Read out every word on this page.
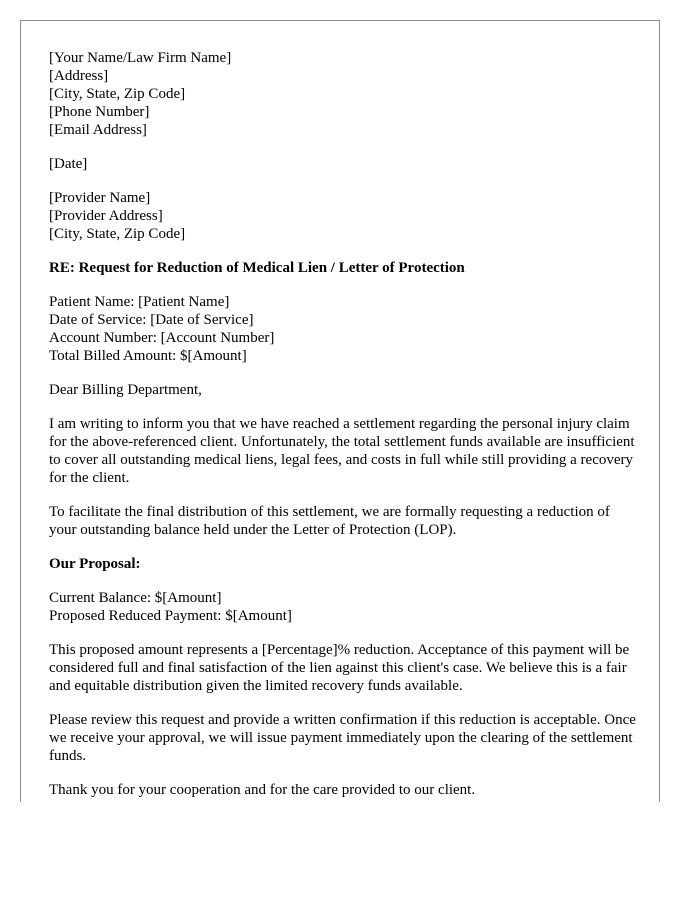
[Your Name/Law Firm Name]
[Address]
[City, State, Zip Code]
[Phone Number]
[Email Address]
[Date]
[Provider Name]
[Provider Address]
[City, State, Zip Code]
RE: Request for Reduction of Medical Lien / Letter of Protection
Patient Name: [Patient Name]
Date of Service: [Date of Service]
Account Number: [Account Number]
Total Billed Amount: $[Amount]
Dear Billing Department,

I am writing to inform you that we have reached a settlement regarding the personal injury claim for the above-referenced client. Unfortunately, the total settlement funds available are insufficient to cover all outstanding medical liens, legal fees, and costs in full while still providing a recovery for the client.

To facilitate the final distribution of this settlement, we are formally requesting a reduction of your outstanding balance held under the Letter of Protection (LOP).

Our Proposal:
Current Balance: $[Amount]
Proposed Reduced Payment: $[Amount]

This proposed amount represents a [Percentage]% reduction. Acceptance of this payment will be considered full and final satisfaction of the lien against this client's case. We believe this is a fair and equitable distribution given the limited recovery funds available.

Please review this request and provide a written confirmation if this reduction is acceptable. Once we receive your approval, we will issue payment immediately upon the clearing of the settlement funds.

Thank you for your cooperation and for the care provided to our client.
